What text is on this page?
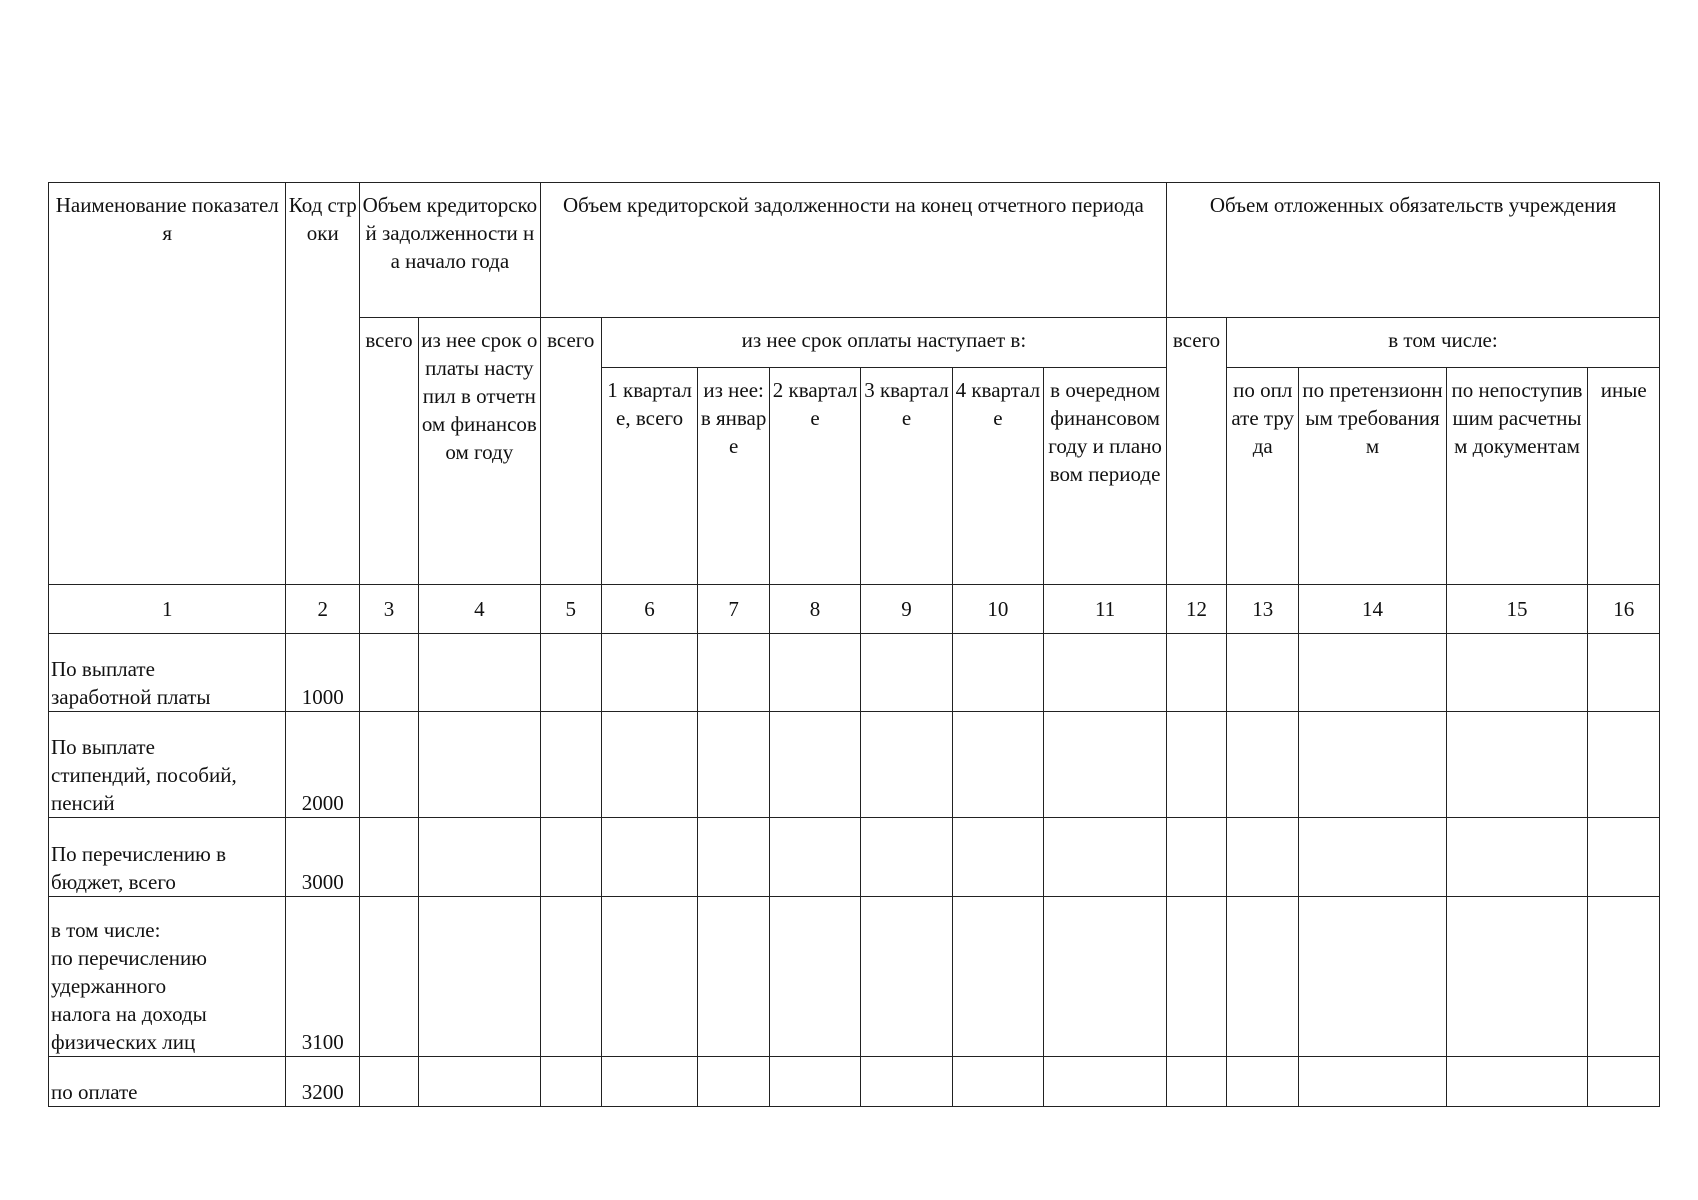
Наименование показателя	Код строки	Объем кредиторской задолженности на начало года		Объем кредиторской задолженности на конец отчетного периода							Объем отложенных обязательств учреждения				
		всего	из нее срок оплаты наступил в отчетном финансовом году	всего	из нее срок оплаты наступает в:						всего	в том числе:			
					1 квартале, всего	из нее: в январе	2 квартале	3 квартале	4 квартале	в очередном финансовом году и плановом периоде		по оплате труда	по претензионным требованиям	по непоступившим расчетным документам	иные
1	2	3	4	5	6	7	8	9	10	11	12	13	14	15	16

По выплате
заработной платы	1000														

По выплате
стипендий, пособий,
пенсий	2000														

По перечислению в
бюджет, всего	3000														

в том числе:
по перечислению
удержанного
налога на доходы
физических лиц	3100														

по оплате	3200														
